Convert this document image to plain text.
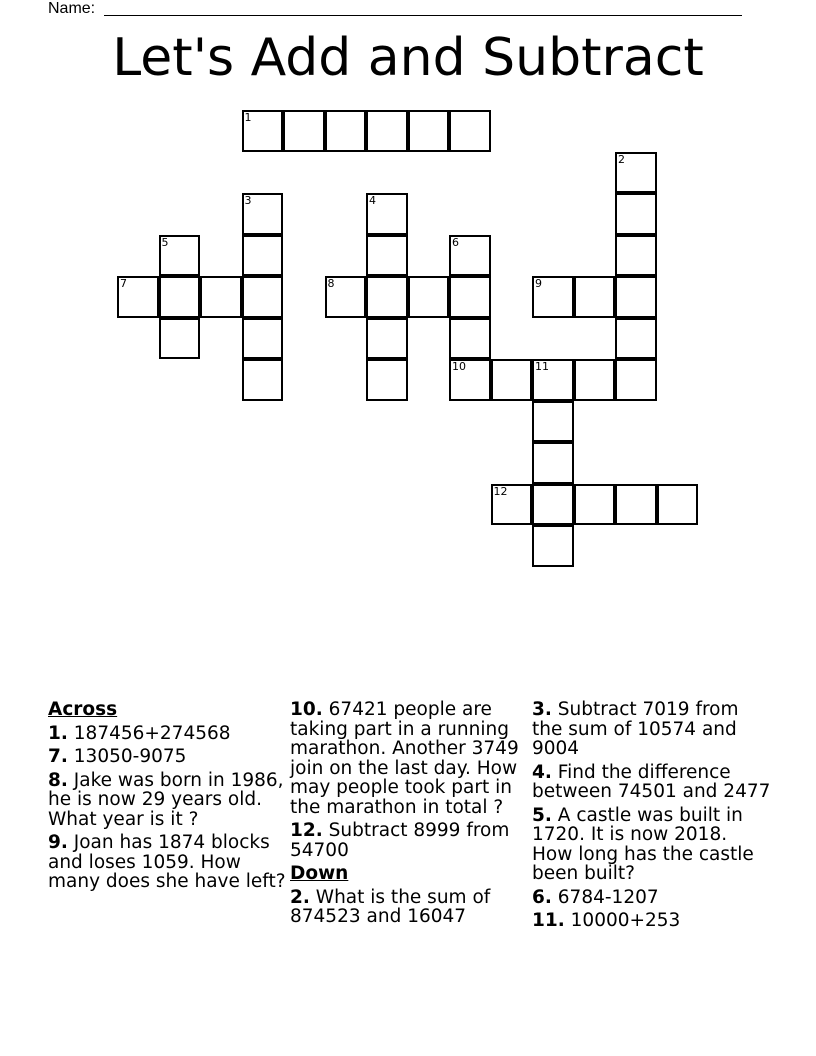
Name:
Let's Add and Subtract
1
2
3	4
5	6
7	8	9
10	11
12
Across
1. 187456+274568
7. 13050-9075
8. Jake was born in 1986, he is now 29 years old. What year is it ?
9. Joan has 1874 blocks and loses 1059. How many does she have left?
10. 67421 people are taking part in a running marathon. Another 3749 join on the last day. How may people took part in the marathon in total ?
12. Subtract 8999 from 54700
Down
2. What is the sum of 874523 and 16047
3. Subtract 7019 from the sum of 10574 and 9004
4. Find the difference between 74501 and 2477
5. A castle was built in 1720. It is now 2018. How long has the castle been built?
6. 6784-1207
11. 10000+253
